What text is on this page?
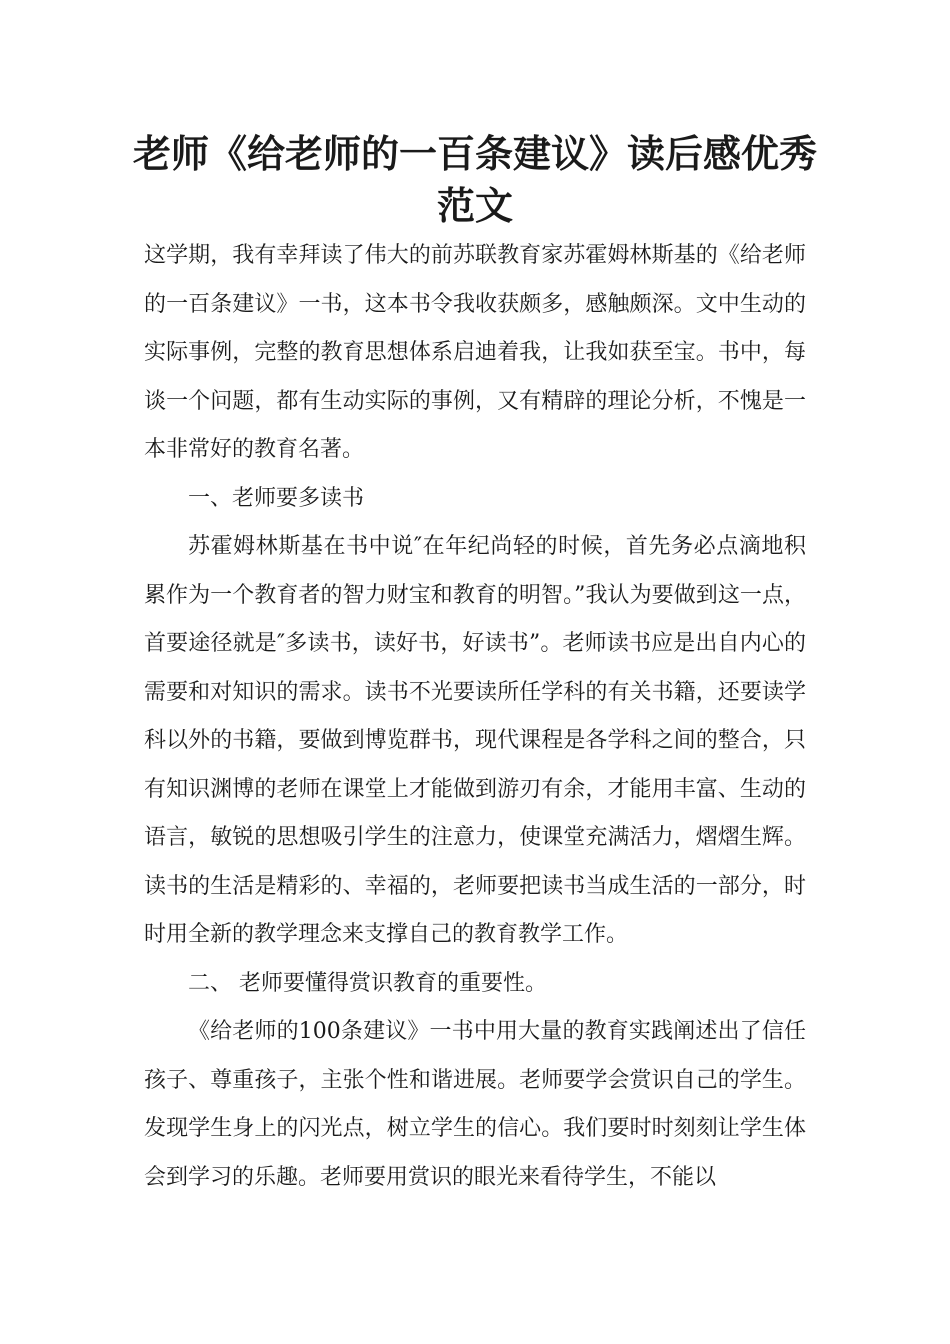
老师《给老师的一百条建议》读后感优秀范文

这学期，我有幸拜读了伟大的前苏联教育家苏霍姆林斯基的《给老师的一百条建议》一书，这本书令我收获颇多，感触颇深。文中生动的实际事例，完整的教育思想体系启迪着我，让我如获至宝。书中，每谈一个问题，都有生动实际的事例，又有精辟的理论分析，不愧是一本非常好的教育名著。

一、老师要多读书

苏霍姆林斯基在书中说″在年纪尚轻的时候，首先务必点滴地积累作为一个教育者的智力财宝和教育的明智。”我认为要做到这一点，首要途径就是″多读书，读好书，好读书”。老师读书应是出自内心的需要和对知识的需求。读书不光要读所任学科的有关书籍，还要读学科以外的书籍，要做到博览群书，现代课程是各学科之间的整合，只有知识渊博的老师在课堂上才能做到游刃有余，才能用丰富、生动的语言，敏锐的思想吸引学生的注意力，使课堂充满活力，熠熠生辉。读书的生活是精彩的、幸福的，老师要把读书当成生活的一部分，时时用全新的教学理念来支撑自己的教育教学工作。

二、 老师要懂得赏识教育的重要性。

《给老师的100条建议》一书中用大量的教育实践阐述出了信任孩子、尊重孩子，主张个性和谐进展。老师要学会赏识自己的学生。发现学生身上的闪光点，树立学生的信心。我们要时时刻刻让学生体会到学习的乐趣。老师要用赏识的眼光来看待学生，不能以
